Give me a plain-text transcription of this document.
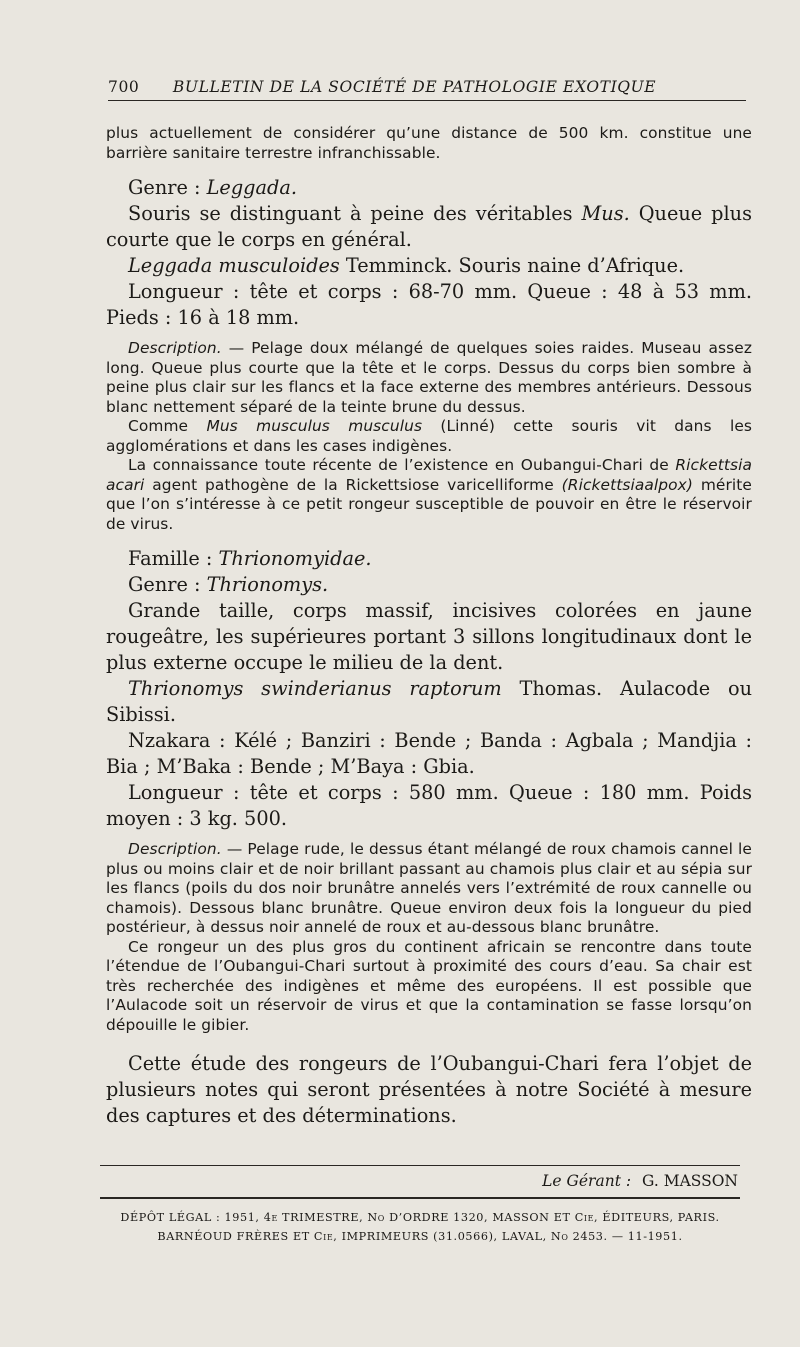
700 BULLETIN DE LA SOCIÉTÉ DE PATHOLOGIE EXOTIQUE

plus actuellement de considérer qu’une distance de 500 km. constitue une barrière sanitaire terrestre infranchissable.

Genre : Leggada.

Souris se distinguant à peine des véritables Mus. Queue plus courte que le corps en général.

Leggada musculoides Temminck. Souris naine d’Afrique.

Longueur : tête et corps : 68-70 mm. Queue : 48 à 53 mm. Pieds : 16 à 18 mm.

Description. — Pelage doux mélangé de quelques soies raides. Museau assez long. Queue plus courte que la tête et le corps. Dessus du corps bien sombre à peine plus clair sur les flancs et la face externe des membres antérieurs. Dessous blanc nettement séparé de la teinte brune du dessus.

Comme Mus musculus musculus (Linné) cette souris vit dans les agglomérations et dans les cases indigènes.

La connaissance toute récente de l’existence en Oubangui-Chari de Rickettsia acari agent pathogène de la Rickettsiose varicelliforme (Rickettsiaalpox) mérite que l’on s’intéresse à ce petit rongeur susceptible de pouvoir en être le réservoir de virus.

Famille : Thrionomyidae.

Genre : Thrionomys.

Grande taille, corps massif, incisives colorées en jaune rougeâtre, les supérieures portant 3 sillons longitudinaux dont le plus externe occupe le milieu de la dent.

Thrionomys swinderianus raptorum Thomas. Aulacode ou Sibissi.

Nzakara : Kélé ; Banziri : Bende ; Banda : Agbala ; Mandjia : Bia ; M’Baka : Bende ; M’Baya : Gbia.

Longueur : tête et corps : 580 mm. Queue : 180 mm. Poids moyen : 3 kg. 500.

Description. — Pelage rude, le dessus étant mélangé de roux chamois cannel le plus ou moins clair et de noir brillant passant au chamois plus clair et au sépia sur les flancs (poils du dos noir brunâtre annelés vers l’extrémité de roux cannelle ou chamois). Dessous blanc brunâtre. Queue environ deux fois la longueur du pied postérieur, à dessus noir annelé de roux et au-dessous blanc brunâtre.

Ce rongeur un des plus gros du continent africain se rencontre dans toute l’étendue de l’Oubangui-Chari surtout à proximité des cours d’eau. Sa chair est très recherchée des indigènes et même des européens. Il est possible que l’Aulacode soit un réservoir de virus et que la contamination se fasse lorsqu’on dépouille le gibier.

Cette étude des rongeurs de l’Oubangui-Chari fera l’objet de plusieurs notes qui seront présentées à notre Société à mesure des captures et des déterminations.

Le Gérant : G. MASSON
DÉPÔT LÉGAL : 1951, 4e TRIMESTRE, No D’ORDRE 1320, MASSON ET Cie, ÉDITEURS, PARIS.
BARNÉOUD FRÈRES ET Cie, IMPRIMEURS (31.0566), LAVAL, No 2453. — 11-1951.
